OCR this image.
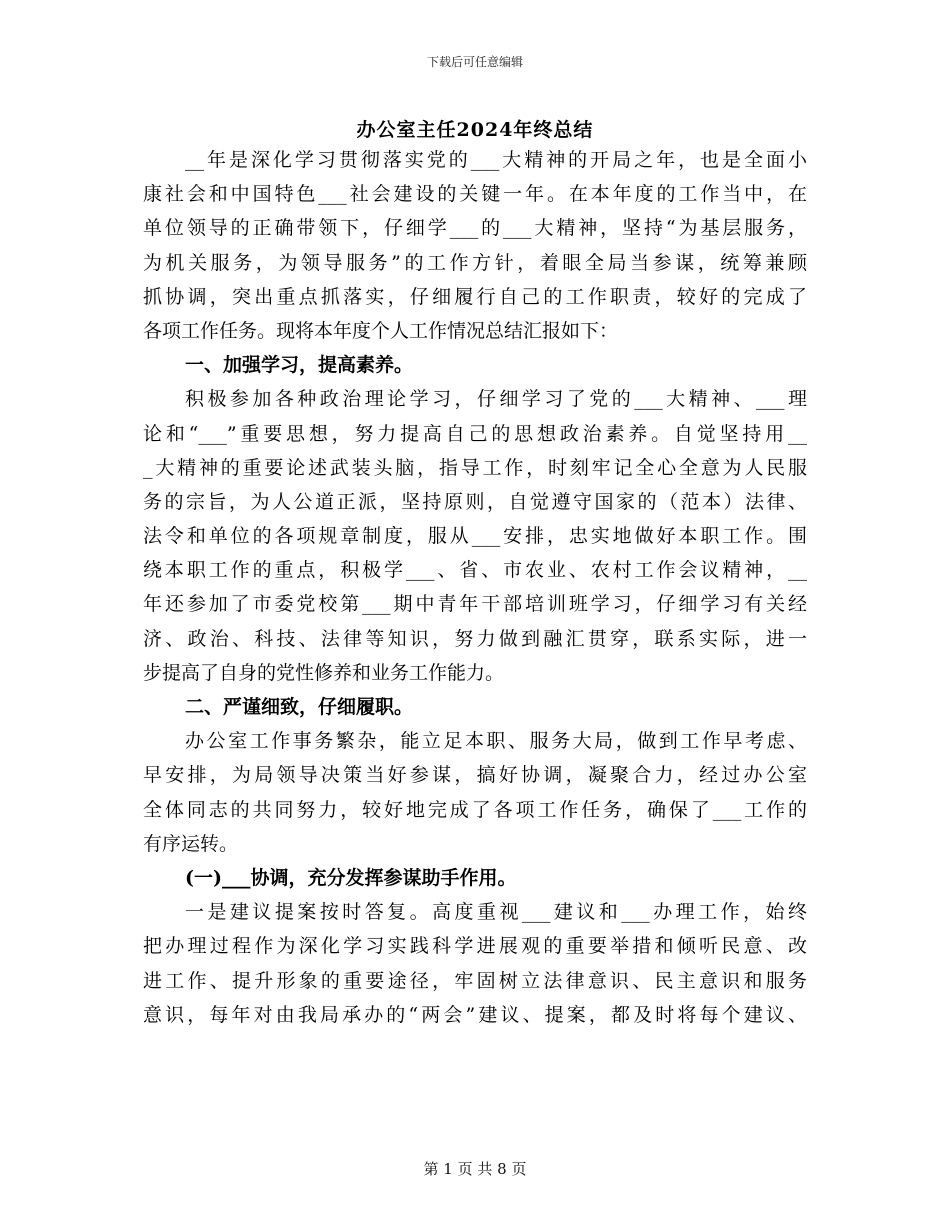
下载后可任意编辑
办公室主任2024年终总结
__年是深化学习贯彻落实党的___大精神的开局之年，也是全面小
康社会和中国特色___社会建设的关键一年。在本年度的工作当中，在
单位领导的正确带领下，仔细学___的___大精神，坚持“为基层服务，
为机关服务，为领导服务”的工作方针，着眼全局当参谋，统筹兼顾
抓协调，突出重点抓落实，仔细履行自己的工作职责，较好的完成了
各项工作任务。现将本年度个人工作情况总结汇报如下：
一、加强学习，提高素养。
积极参加各种政治理论学习，仔细学习了党的___大精神、___理
论和“___”重要思想，努力提高自己的思想政治素养。自觉坚持用__
_大精神的重要论述武装头脑，指导工作，时刻牢记全心全意为人民服
务的宗旨，为人公道正派，坚持原则，自觉遵守国家的（范本）法律、
法令和单位的各项规章制度，服从___安排，忠实地做好本职工作。围
绕本职工作的重点，积极学___、省、市农业、农村工作会议精神，__
年还参加了市委党校第___期中青年干部培训班学习，仔细学习有关经
济、政治、科技、法律等知识，努力做到融汇贯穿，联系实际，进一
步提高了自身的党性修养和业务工作能力。
二、严谨细致，仔细履职。
办公室工作事务繁杂，能立足本职、服务大局，做到工作早考虑、
早安排，为局领导决策当好参谋，搞好协调，凝聚合力，经过办公室
全体同志的共同努力，较好地完成了各项工作任务，确保了___工作的
有序运转。
(一)___协调，充分发挥参谋助手作用。
一是建议提案按时答复。高度重视___建议和___办理工作，始终
把办理过程作为深化学习实践科学进展观的重要举措和倾听民意、改
进工作、提升形象的重要途径，牢固树立法律意识、民主意识和服务
意识，每年对由我局承办的“两会”建议、提案，都及时将每个建议、
第 1 页 共 8 页
